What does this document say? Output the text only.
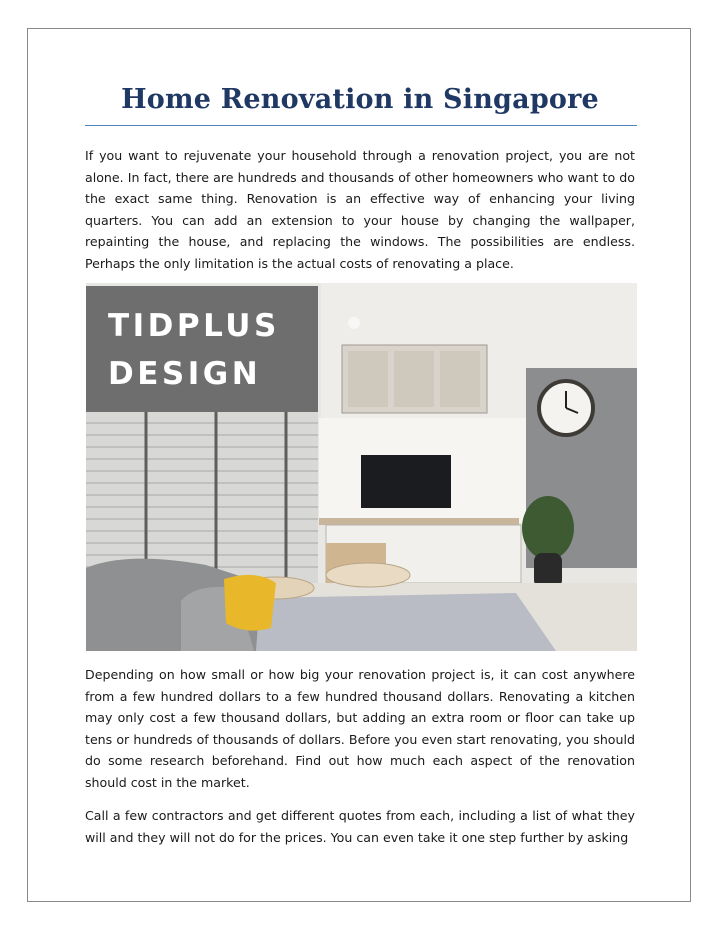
Home Renovation in Singapore

If you want to rejuvenate your household through a renovation project, you are not alone. In fact, there are hundreds and thousands of other homeowners who want to do the exact same thing. Renovation is an effective way of enhancing your living quarters. You can add an extension to your house by changing the wallpaper, repainting the house, and replacing the windows. The possibilities are endless. Perhaps the only limitation is the actual costs of renovating a place.

TIDPLUS
DESIGN

Depending on how small or how big your renovation project is, it can cost anywhere from a few hundred dollars to a few hundred thousand dollars. Renovating a kitchen may only cost a few thousand dollars, but adding an extra room or floor can take up tens or hundreds of thousands of dollars. Before you even start renovating, you should do some research beforehand. Find out how much each aspect of the renovation should cost in the market.

Call a few contractors and get different quotes from each, including a list of what they will and they will not do for the prices. You can even take it one step further by asking
